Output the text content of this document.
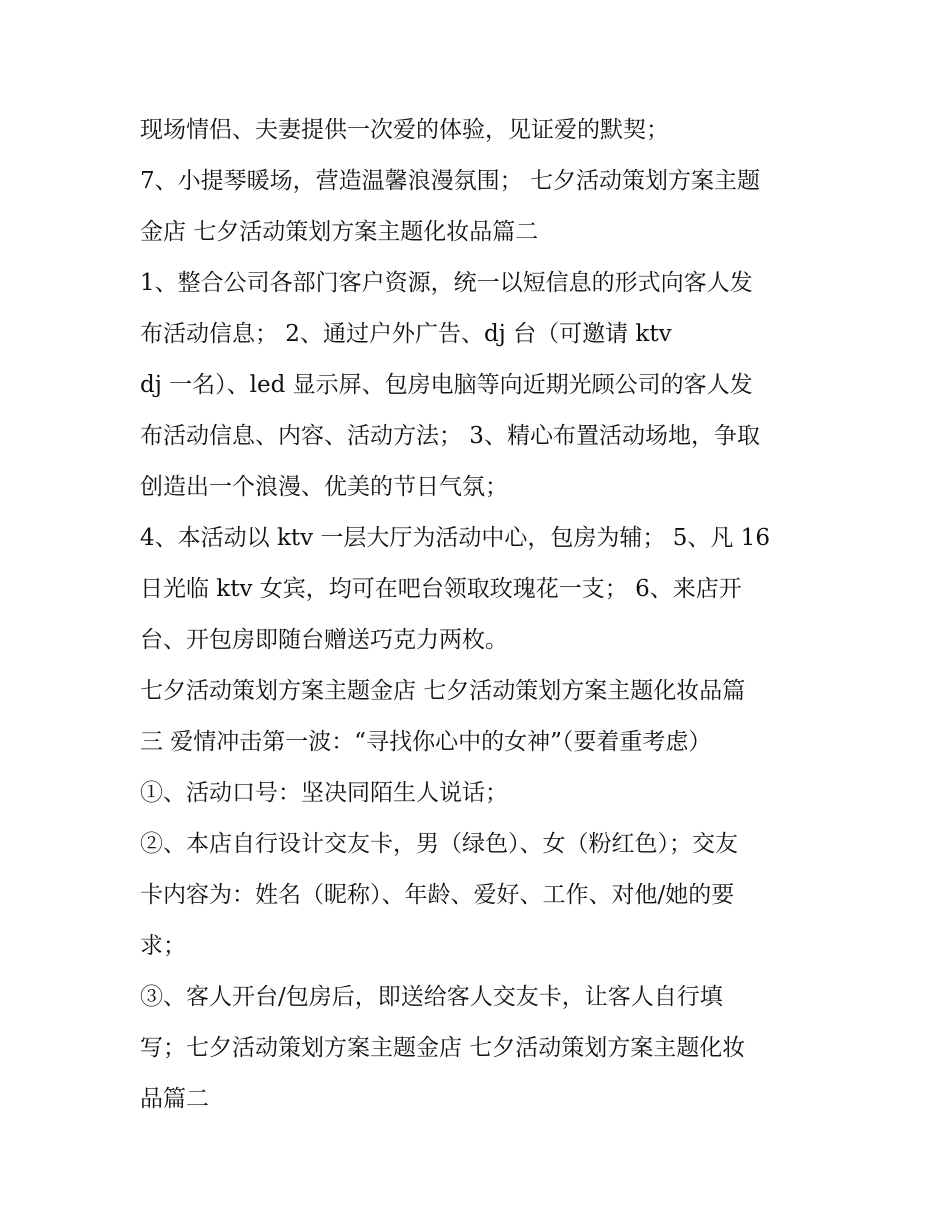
现场情侣、夫妻提供一次爱的体验，见证爱的默契；
7、小提琴暖场，营造温馨浪漫氛围； 七夕活动策划方案主题
金店 七夕活动策划方案主题化妆品篇二
1、整合公司各部门客户资源，统一以短信息的形式向客人发
布活动信息； 2、通过户外广告、dj 台（可邀请 ktv
dj 一名）、led 显示屏、包房电脑等向近期光顾公司的客人发
布活动信息、内容、活动方法； 3、精心布置活动场地，争取
创造出一个浪漫、优美的节日气氛；
4、本活动以 ktv 一层大厅为活动中心，包房为辅； 5、凡 16
日光临 ktv 女宾，均可在吧台领取玫瑰花一支； 6、来店开
台、开包房即随台赠送巧克力两枚。
七夕活动策划方案主题金店 七夕活动策划方案主题化妆品篇
三 爱情冲击第一波：“寻找你心中的女神”（要着重考虑）
①、活动口号：坚决同陌生人说话；
②、本店自行设计交友卡，男（绿色）、女（粉红色）；交友
卡内容为：姓名（昵称）、年龄、爱好、工作、对他/她的要
求；
③、客人开台/包房后，即送给客人交友卡，让客人自行填
写；七夕活动策划方案主题金店 七夕活动策划方案主题化妆
品篇二
